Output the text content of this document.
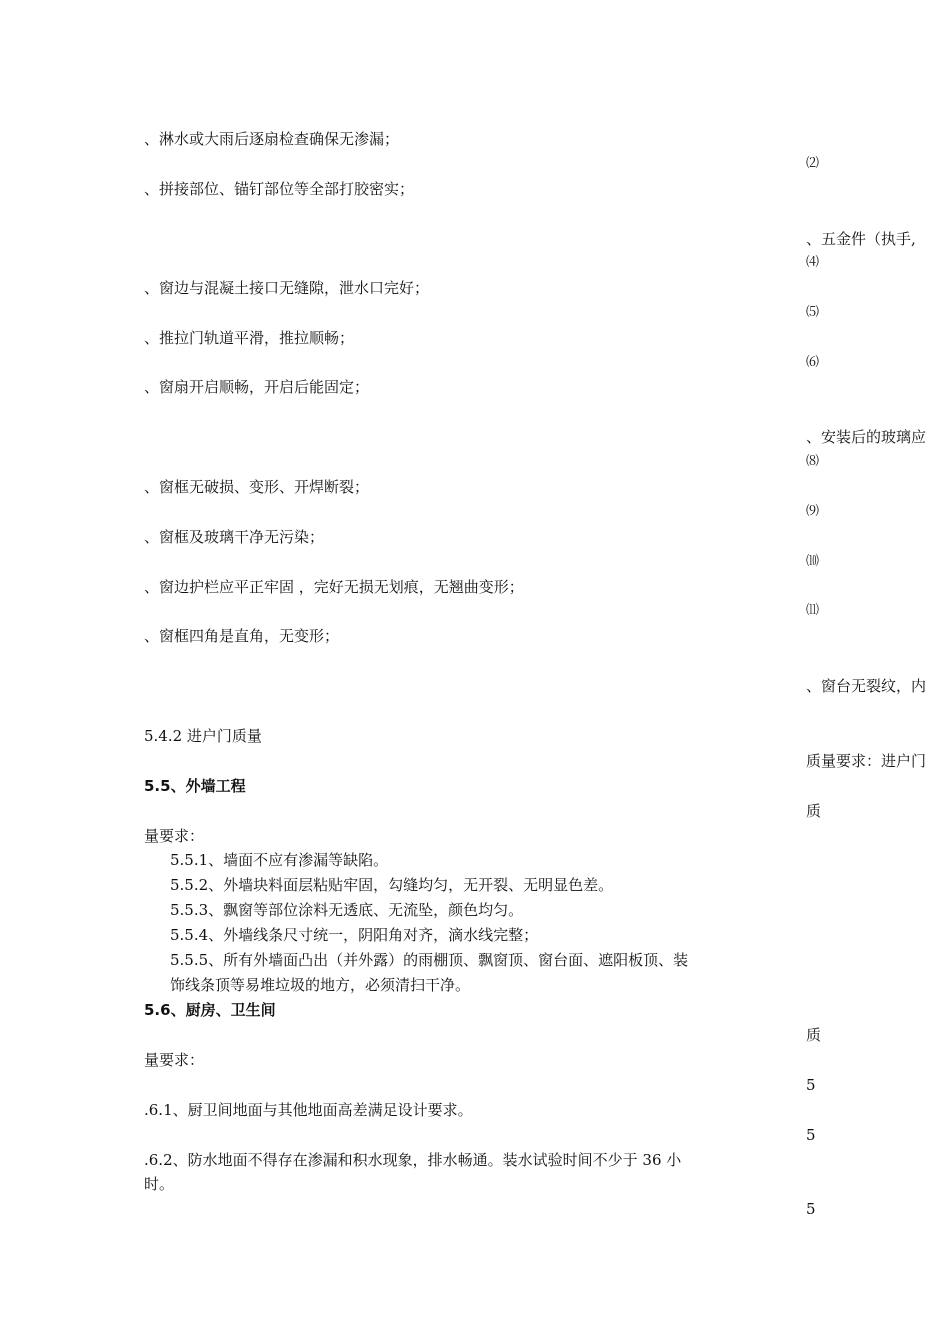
、淋水或大雨后逐扇检查确保无渗漏；
、拼接部位、锚钉部位等全部打胶密实；
、窗边与混凝土接口无缝隙，泄水口完好；
、推拉门轨道平滑，推拉顺畅；
、窗扇开启顺畅，开启后能固定；
、窗框无破损、变形、开焊断裂；
、窗框及玻璃干净无污染；
、窗边护栏应平正牢固 ，完好无损无划痕，无翘曲变形；
、窗框四角是直角，无变形；
5.4.2 进户门质量
5.5、外墙工程
量要求：
5.5.1、墙面不应有渗漏等缺陷。
5.5.2、外墙块料面层粘贴牢固，勾缝均匀，无开裂、无明显色差。
5.5.3、飘窗等部位涂料无透底、无流坠，颜色均匀。
5.5.4、外墙线条尺寸统一，阴阳角对齐，滴水线完整；
5.5.5、所有外墙面凸出（并外露）的雨棚顶、飘窗顶、窗台面、遮阳板顶、装
饰线条顶等易堆垃圾的地方，必须清扫干净。
5.6、厨房、卫生间
量要求：
.6.1、厨卫间地面与其他地面高差满足设计要求。
.6.2、防水地面不得存在渗漏和积水现象，排水畅通。装水试验时间不少于 36 小
时。
⑵
、五金件（执手,
⑷
⑸
⑹
、安装后的玻璃应
⑻
⑼
⑽
⑾
、窗台无裂纹，内
质量要求：进户门
质
质
5
5
5
